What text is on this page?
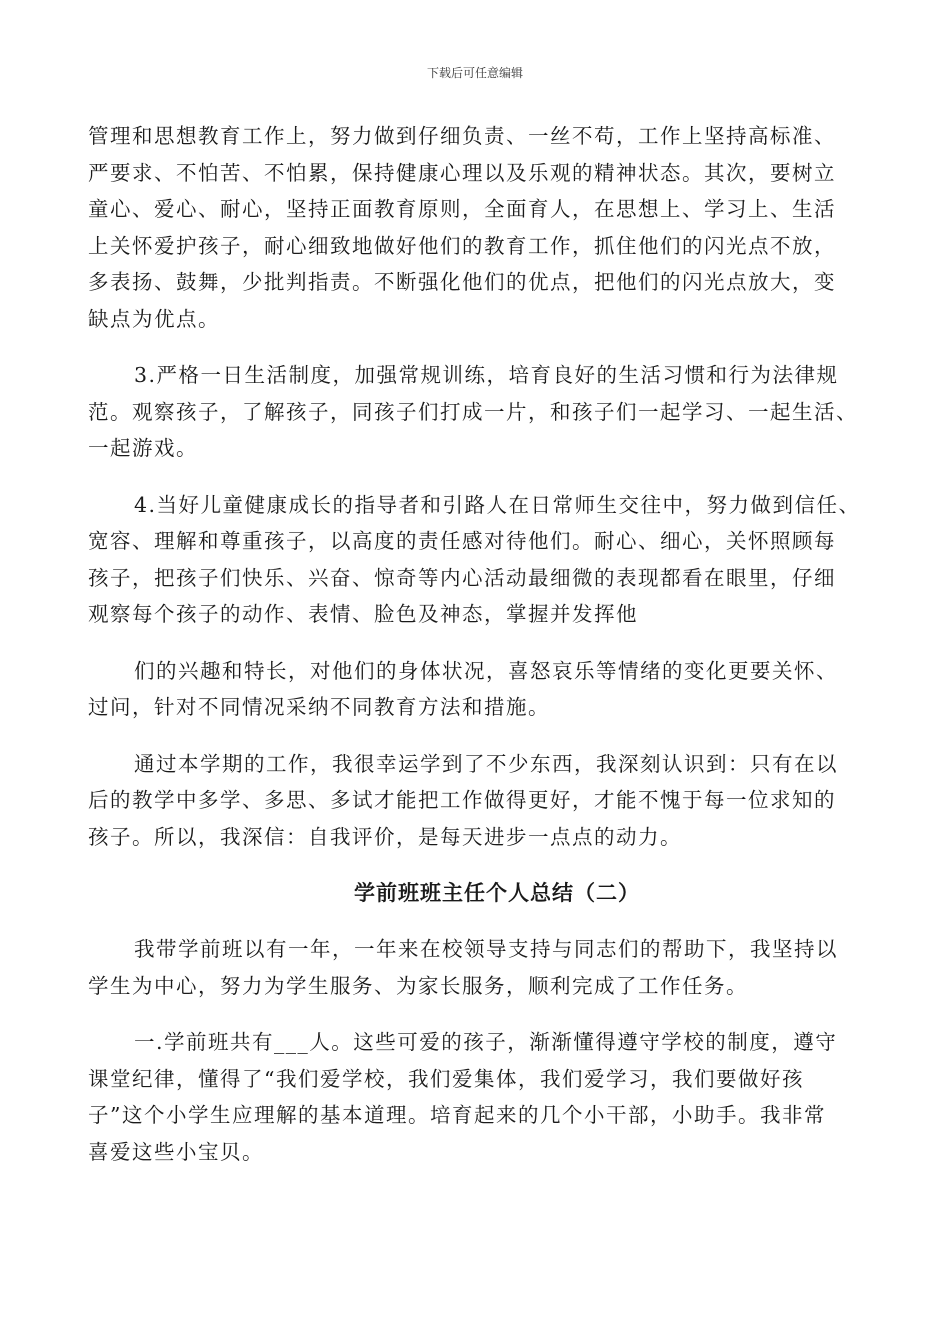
下载后可任意编辑
管理和思想教育工作上，努力做到仔细负责、一丝不苟，工作上坚持高标准、
严要求、不怕苦、不怕累，保持健康心理以及乐观的精神状态。其次，要树立
童心、爱心、耐心，坚持正面教育原则，全面育人，在思想上、学习上、生活
上关怀爱护孩子，耐心细致地做好他们的教育工作，抓住他们的闪光点不放，
多表扬、鼓舞，少批判指责。不断强化他们的优点，把他们的闪光点放大，变
缺点为优点。
3.严格一日生活制度，加强常规训练，培育良好的生活习惯和行为法律规
范。观察孩子，了解孩子，同孩子们打成一片，和孩子们一起学习、一起生活、
一起游戏。
4.当好儿童健康成长的指导者和引路人在日常师生交往中，努力做到信任、
宽容、理解和尊重孩子，以高度的责任感对待他们。耐心、细心，关怀照顾每
孩子，把孩子们快乐、兴奋、惊奇等内心活动最细微的表现都看在眼里，仔细
观察每个孩子的动作、表情、脸色及神态，掌握并发挥他
们的兴趣和特长，对他们的身体状况，喜怒哀乐等情绪的变化更要关怀、
过问，针对不同情况采纳不同教育方法和措施。
通过本学期的工作，我很幸运学到了不少东西，我深刻认识到：只有在以
后的教学中多学、多思、多试才能把工作做得更好，才能不愧于每一位求知的
孩子。所以，我深信：自我评价，是每天进步一点点的动力。
学前班班主任个人总结（二）
我带学前班以有一年，一年来在校领导支持与同志们的帮助下，我坚持以
学生为中心，努力为学生服务、为家长服务，顺利完成了工作任务。
一.学前班共有___人。这些可爱的孩子，渐渐懂得遵守学校的制度，遵守
课堂纪律，懂得了“我们爱学校，我们爱集体，我们爱学习，我们要做好孩
子”这个小学生应理解的基本道理。培育起来的几个小干部，小助手。我非常
喜爱这些小宝贝。
